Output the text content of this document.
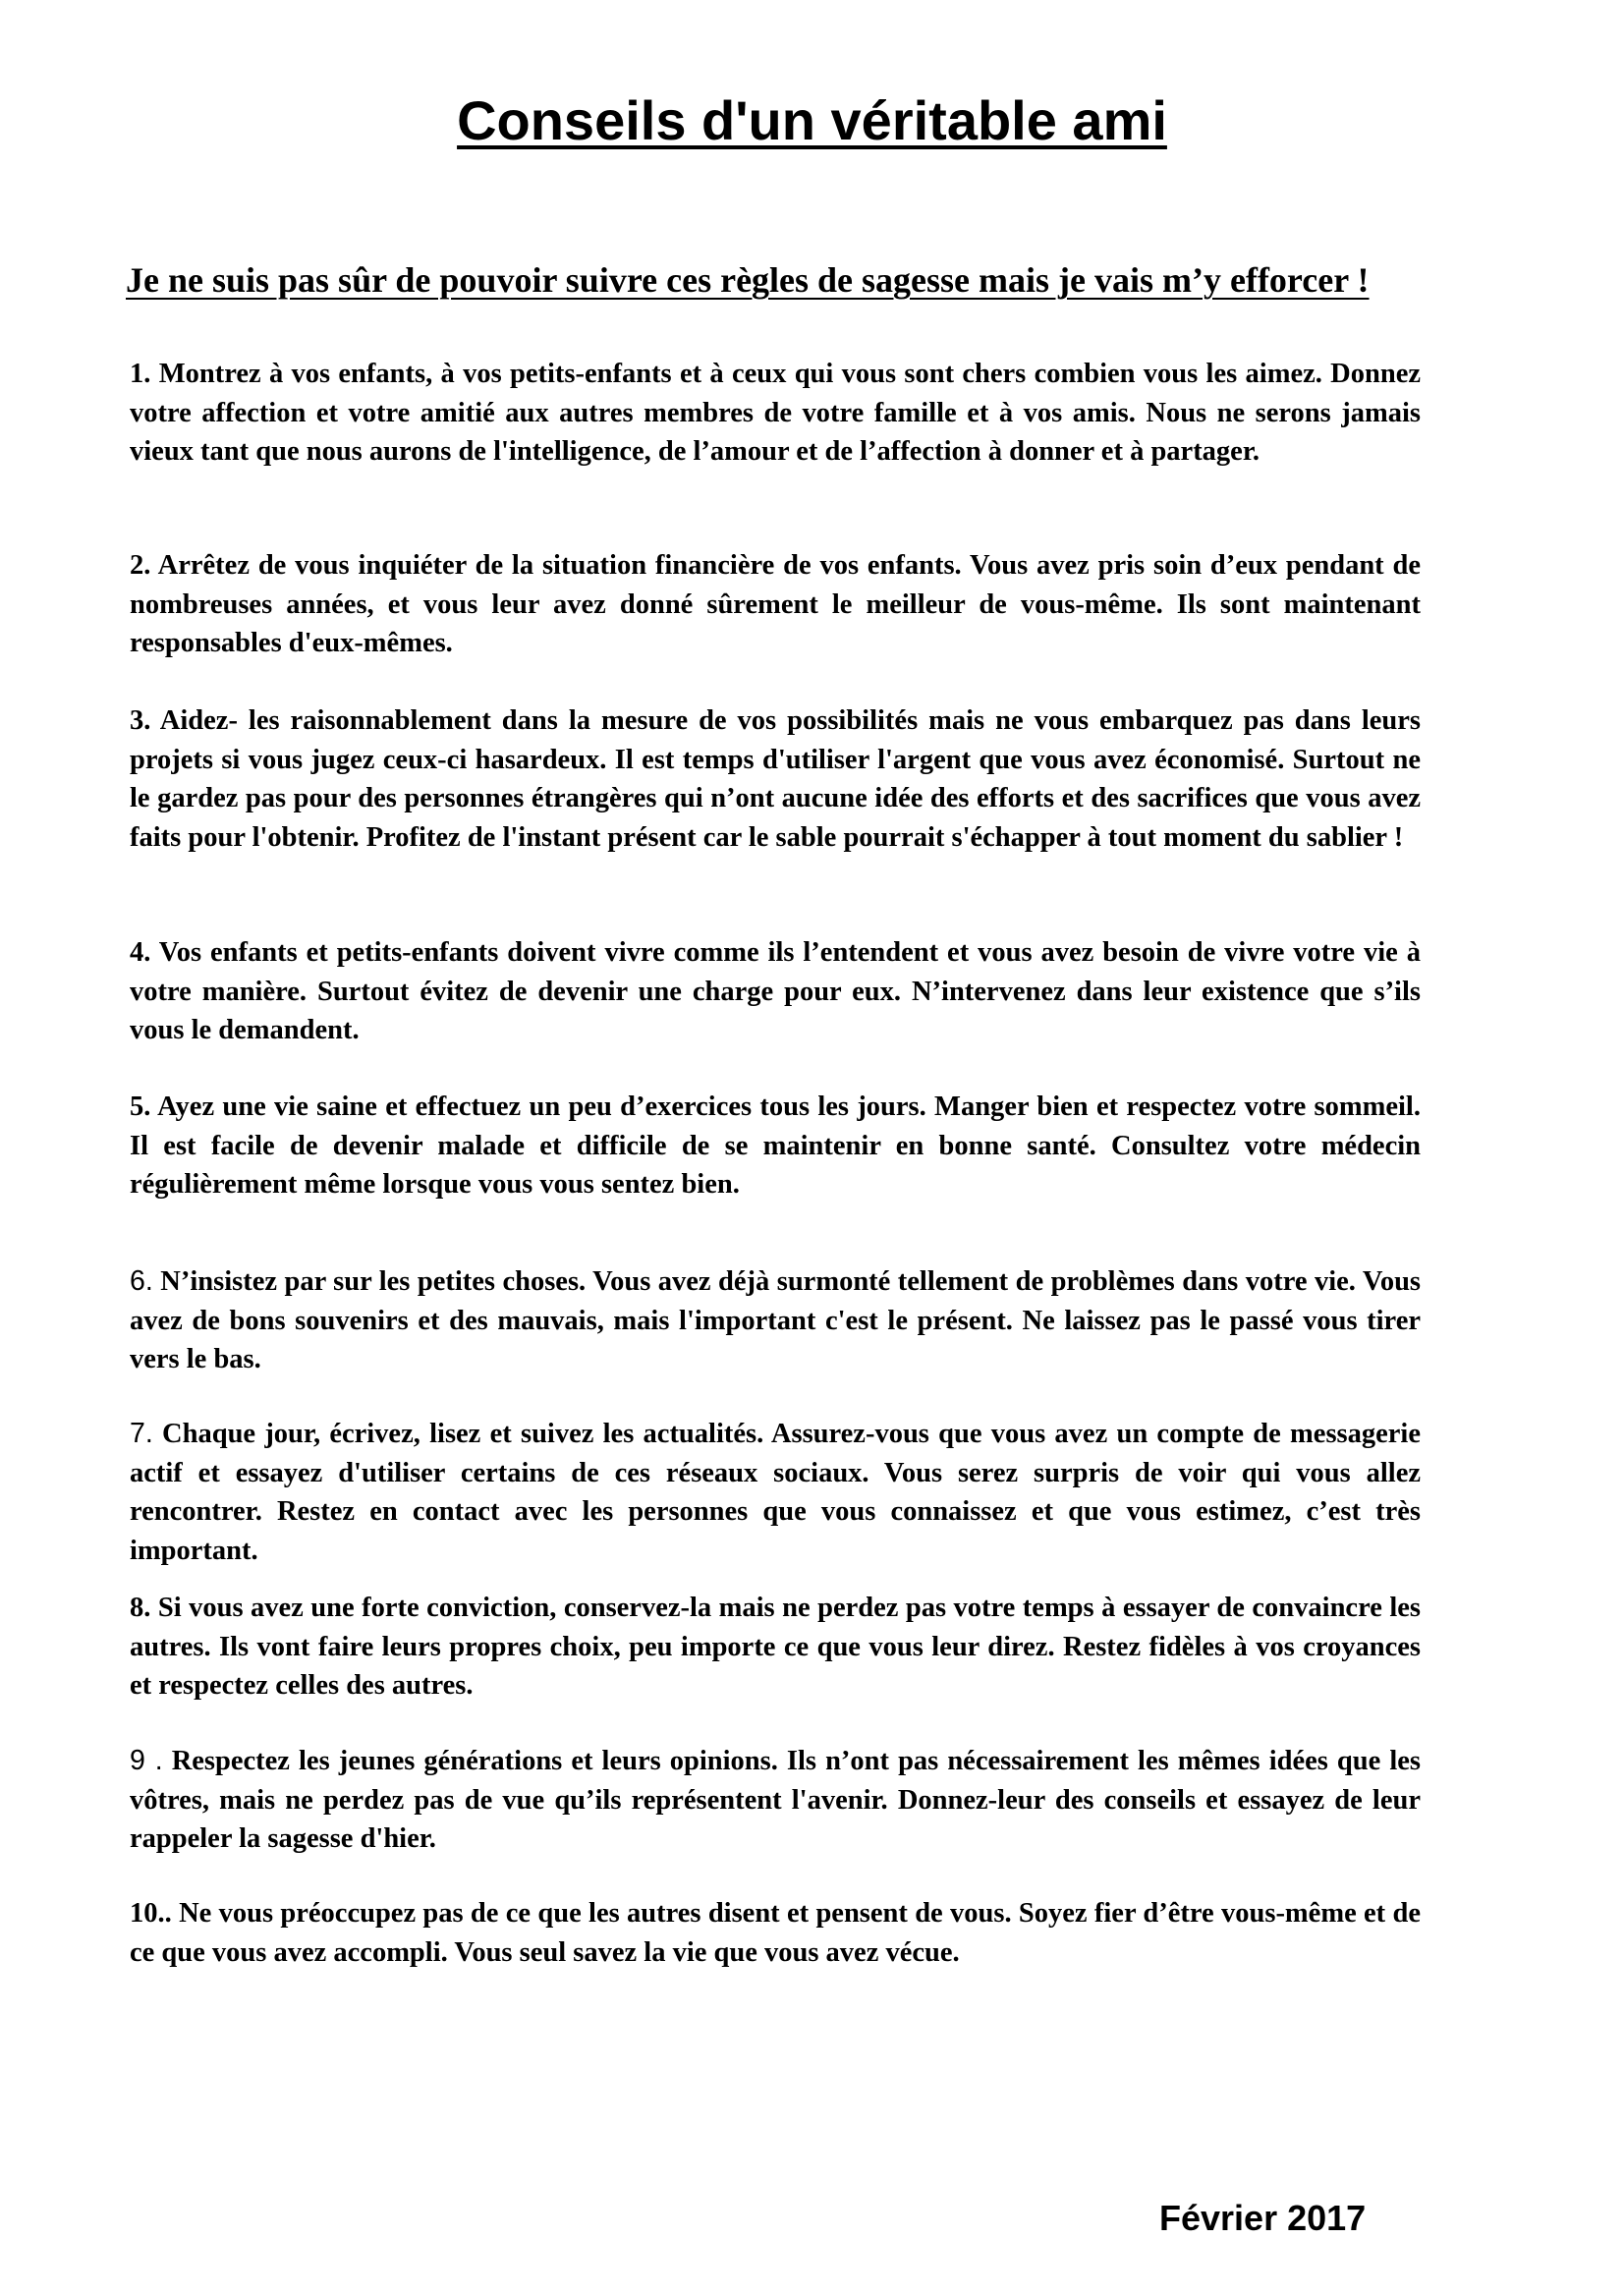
Conseils d'un véritable ami

Je ne suis pas sûr de pouvoir suivre ces règles de sagesse mais je vais m’y efforcer !

1. Montrez à vos enfants, à vos petits-enfants et à ceux qui vous sont chers combien vous les aimez. Donnez votre affection et votre amitié aux autres membres de votre famille et à vos amis. Nous ne serons jamais vieux tant que nous aurons de l'intelligence, de l’amour et de l’affection à donner et à partager.

2. Arrêtez de vous inquiéter de la situation financière de vos enfants. Vous avez pris soin d’eux pendant de nombreuses années, et vous leur avez donné sûrement le meilleur de vous-même. Ils sont maintenant responsables d'eux-mêmes.

3. Aidez- les raisonnablement dans la mesure de vos possibilités mais ne vous embarquez pas dans leurs projets si vous jugez ceux-ci hasardeux. Il est temps d'utiliser l'argent que vous avez économisé. Surtout ne le gardez pas pour des personnes étrangères qui n’ont aucune idée des efforts et des sacrifices que vous avez faits pour l'obtenir. Profitez de l'instant présent car le sable pourrait s'échapper à tout moment du sablier !

4. Vos enfants et petits-enfants doivent vivre comme ils l’entendent et vous avez besoin de vivre votre vie à votre manière. Surtout évitez de devenir une charge pour eux. N’intervenez dans leur existence que s’ils vous le demandent.

5. Ayez une vie saine et effectuez un peu d’exercices tous les jours. Manger bien et respectez votre sommeil. Il est facile de devenir malade et difficile de se maintenir en bonne santé. Consultez votre médecin régulièrement même lorsque vous vous sentez bien.

6. N’insistez par sur les petites choses. Vous avez déjà surmonté tellement de problèmes dans votre vie. Vous avez de bons souvenirs et des mauvais, mais l'important c'est le présent. Ne laissez pas le passé vous tirer vers le bas.

7. Chaque jour, écrivez, lisez et suivez les actualités. Assurez-vous que vous avez un compte de messagerie actif et essayez d'utiliser certains de ces réseaux sociaux. Vous serez surpris de voir qui vous allez rencontrer. Restez en contact avec les personnes que vous connaissez et que vous estimez, c’est très important.

8. Si vous avez une forte conviction, conservez-la mais ne perdez pas votre temps à essayer de convaincre les autres. Ils vont faire leurs propres choix, peu importe ce que vous leur direz. Restez fidèles à vos croyances et respectez celles des autres.

9 . Respectez les jeunes générations et leurs opinions. Ils n’ont pas nécessairement les mêmes idées que les vôtres, mais ne perdez pas de vue qu’ils représentent l'avenir. Donnez-leur des conseils et essayez de leur rappeler la sagesse d'hier.

10.. Ne vous préoccupez pas de ce que les autres disent et pensent de vous. Soyez fier d’être vous-même et de ce que vous avez accompli. Vous seul savez la vie que vous avez vécue.

Février 2017
